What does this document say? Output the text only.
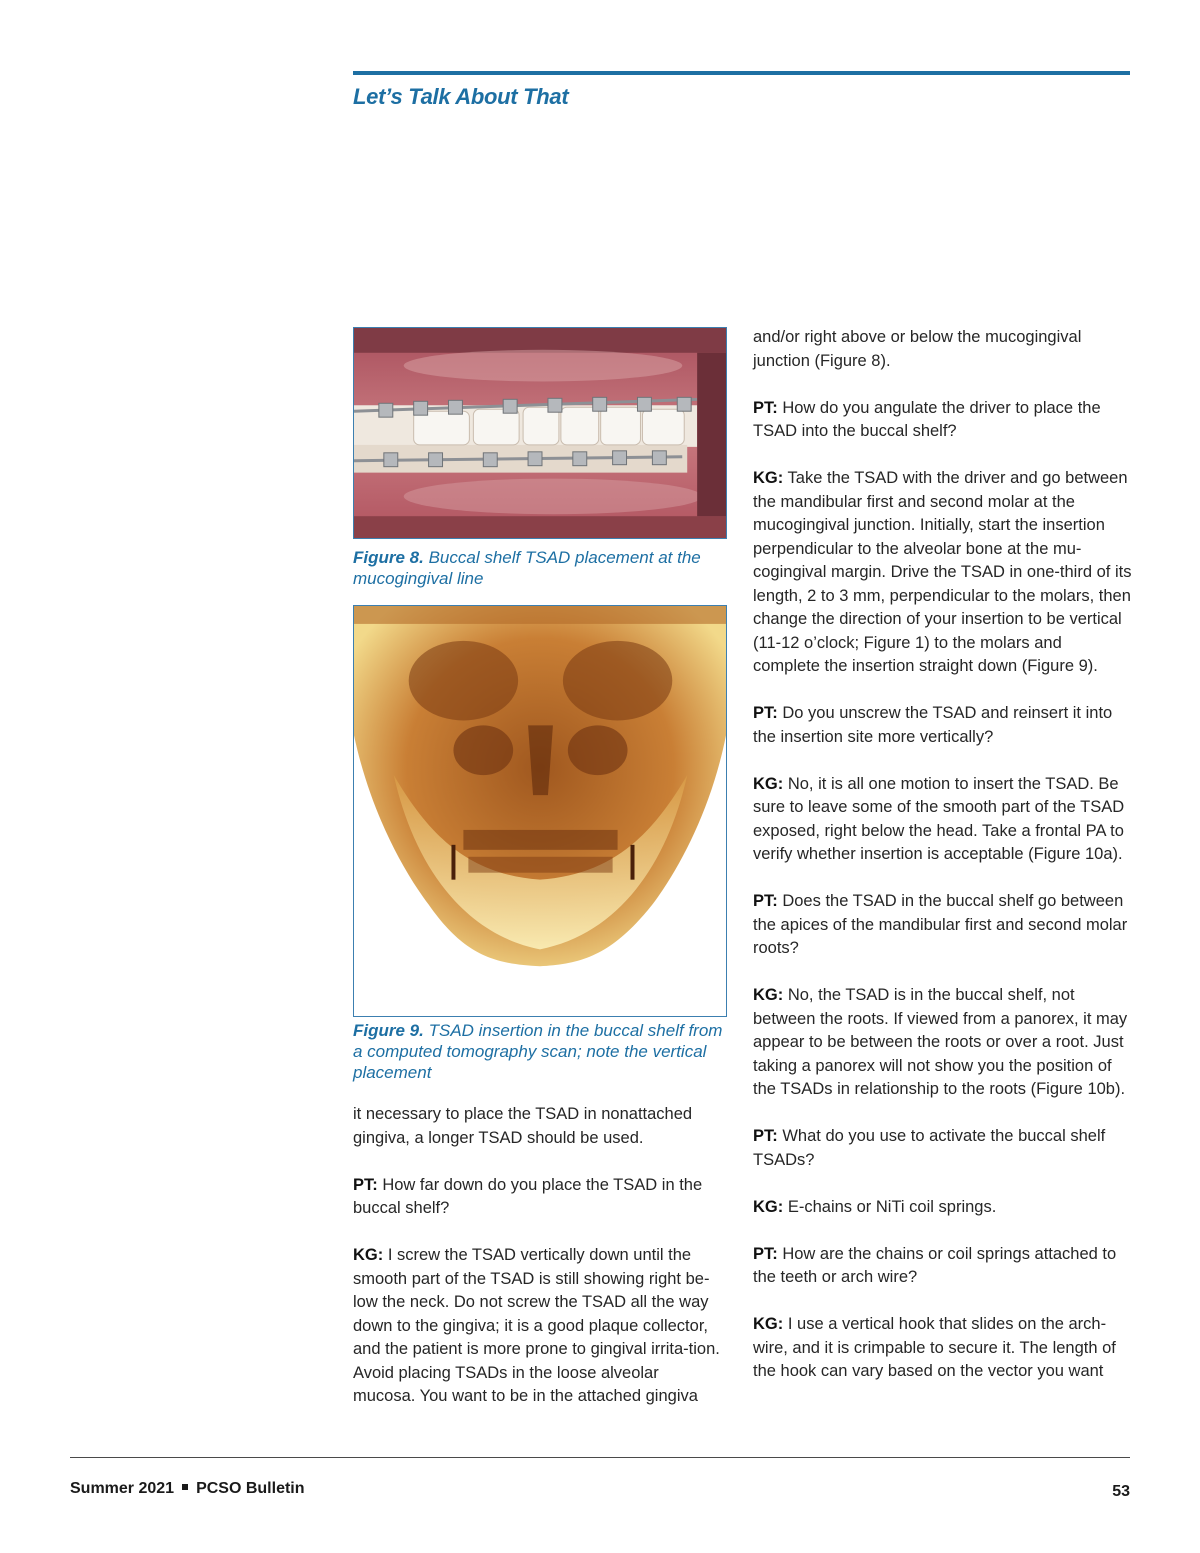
Let’s Talk About That

Figure 8. Buccal shelf TSAD placement at the mucogingival line

Figure 9. TSAD insertion in the buccal shelf from a computed tomography scan; note the vertical placement

it necessary to place the TSAD in nonattached gingiva, a longer TSAD should be used.

PT: How far down do you place the TSAD in the buccal shelf?

KG: I screw the TSAD vertically down until the smooth part of the TSAD is still showing right be-low the neck. Do not screw the TSAD all the way down to the gingiva; it is a good plaque collector, and the patient is more prone to gingival irrita-tion. Avoid placing TSADs in the loose alveolar mucosa. You want to be in the attached gingiva

and/or right above or below the mucogingival junction (Figure 8).

PT: How do you angulate the driver to place the TSAD into the buccal shelf?

KG: Take the TSAD with the driver and go between the mandibular first and second molar at the mucogingival junction. Initially, start the insertion perpendicular to the alveolar bone at the mu-cogingival margin. Drive the TSAD in one-third of its length, 2 to 3 mm, perpendicular to the molars, then change the direction of your insertion to be vertical (11-12 o’clock; Figure 1) to the molars and complete the insertion straight down (Figure 9).

PT: Do you unscrew the TSAD and reinsert it into the insertion site more vertically?

KG: No, it is all one motion to insert the TSAD. Be sure to leave some of the smooth part of the TSAD exposed, right below the head. Take a frontal PA to verify whether insertion is acceptable (Figure 10a).

PT: Does the TSAD in the buccal shelf go between the apices of the mandibular first and second molar roots?

KG: No, the TSAD is in the buccal shelf, not between the roots. If viewed from a panorex, it may appear to be between the roots or over a root. Just taking a panorex will not show you the position of the TSADs in relationship to the roots (Figure 10b).

PT: What do you use to activate the buccal shelf TSADs?

KG: E-chains or NiTi coil springs.

PT: How are the chains or coil springs attached to the teeth or arch wire?

KG: I use a vertical hook that slides on the arch-wire, and it is crimpable to secure it. The length of the hook can vary based on the vector you want

Summer 2021 PCSO Bulletin	53
